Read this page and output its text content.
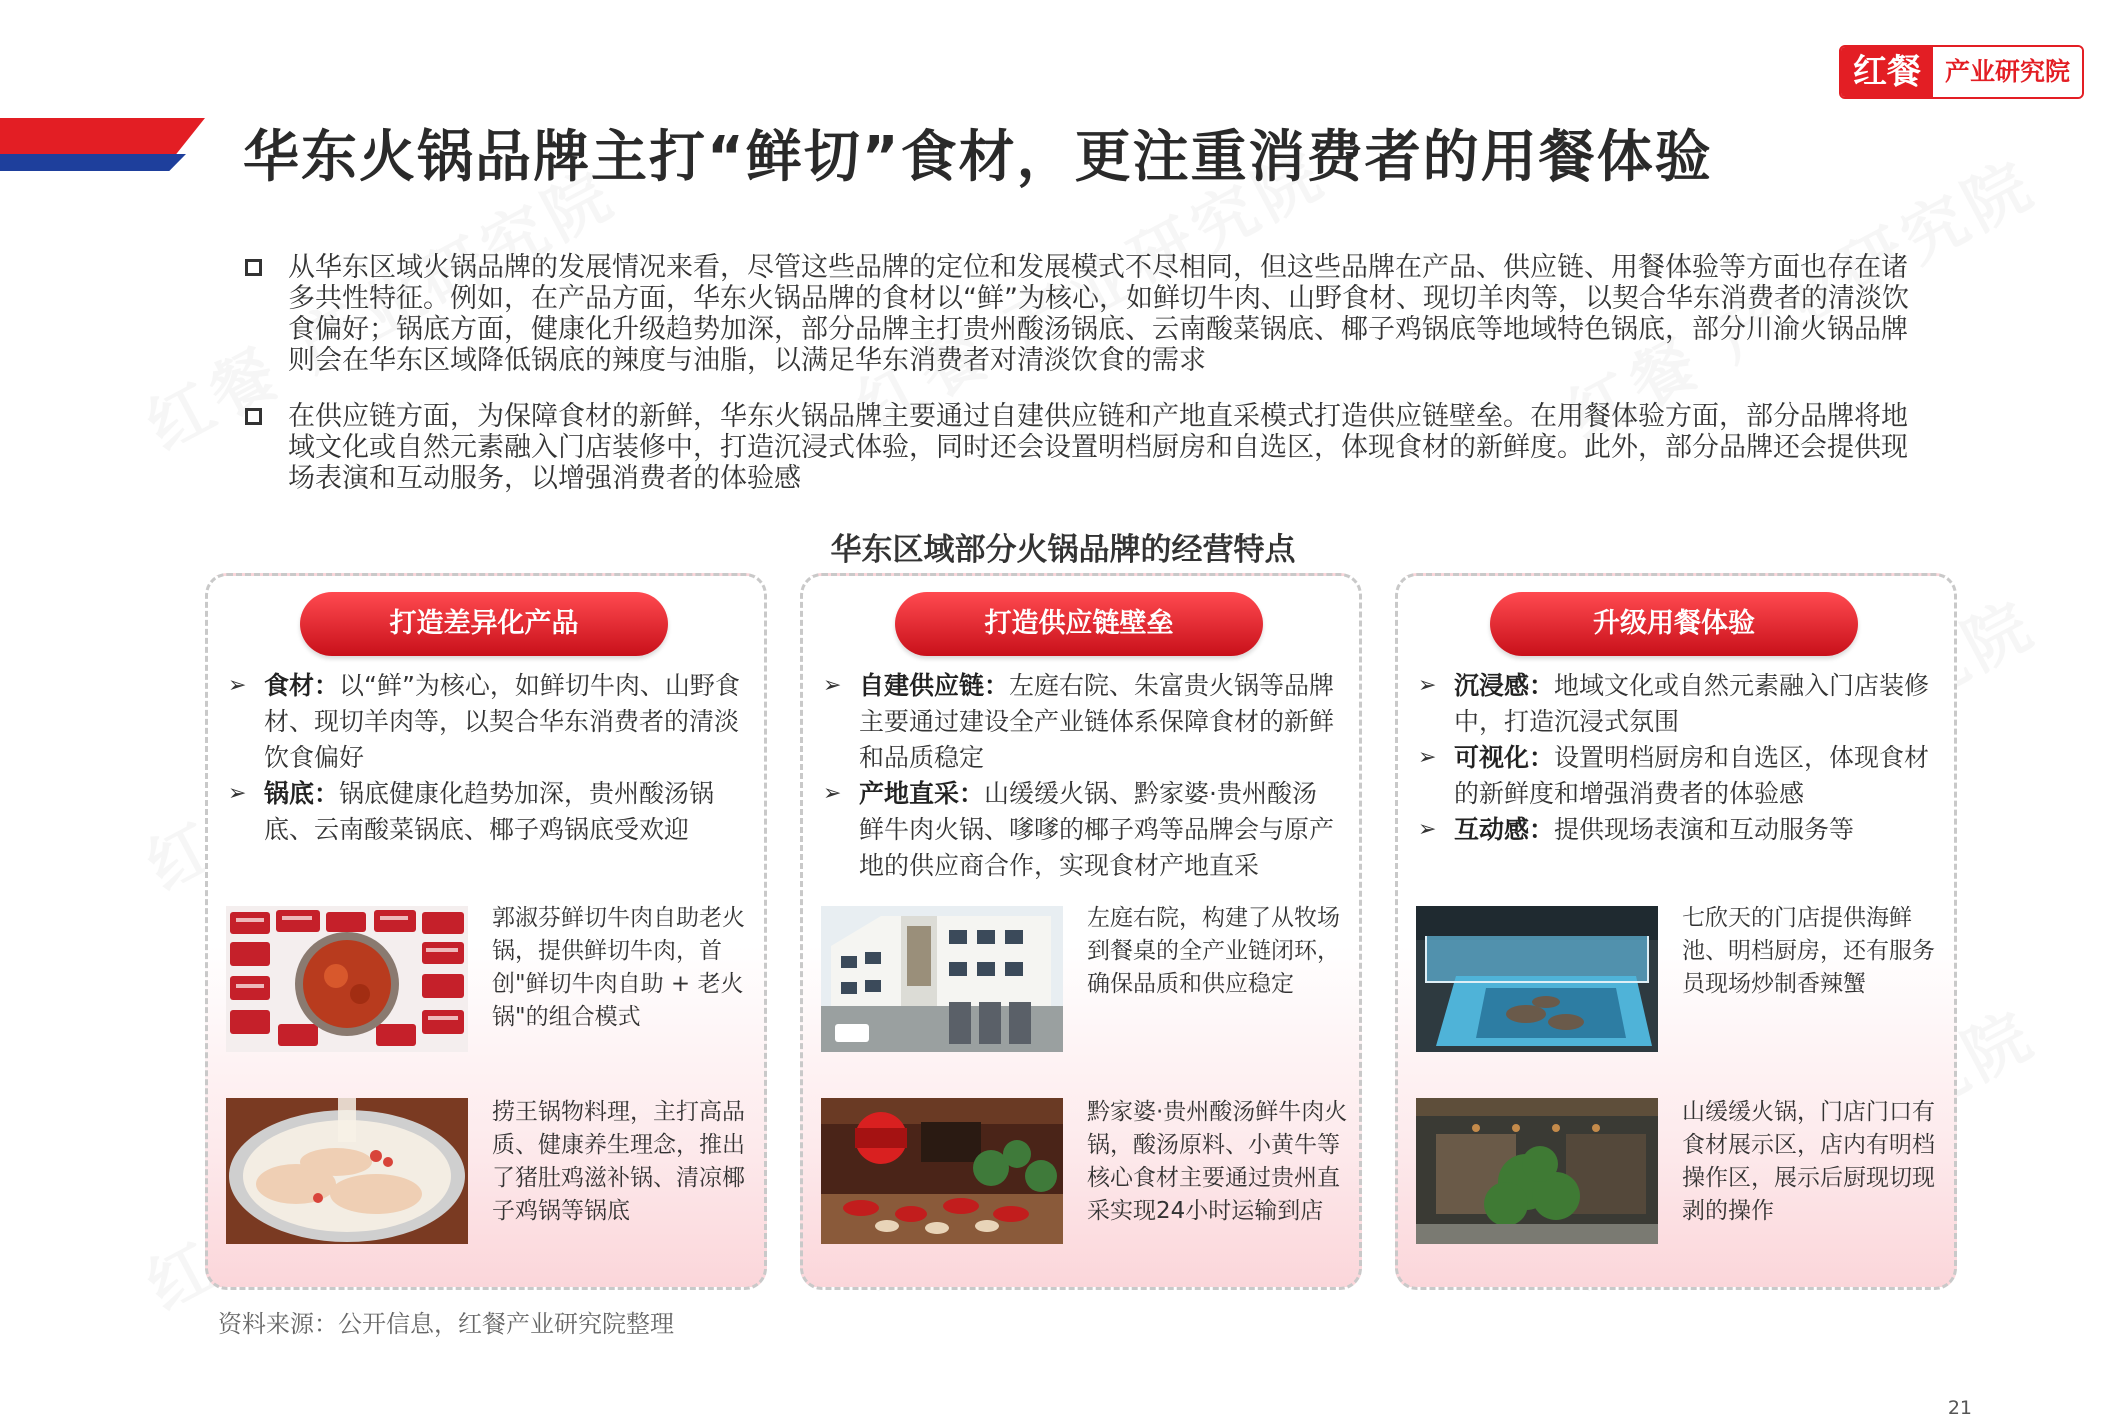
红餐 产业研究院
华东火锅品牌主打“鲜切”食材，更注重消费者的用餐体验
从华东区域火锅品牌的发展情况来看，尽管这些品牌的定位和发展模式不尽相同，但这些品牌在产品、供应链、用餐体验等方面也存在诸多共性特征。例如，在产品方面，华东火锅品牌的食材以“鲜”为核心，如鲜切牛肉、山野食材、现切羊肉等，以契合华东消费者的清淡饮食偏好；锅底方面，健康化升级趋势加深，部分品牌主打贵州酸汤锅底、云南酸菜锅底、椰子鸡锅底等地域特色锅底，部分川渝火锅品牌则会在华东区域降低锅底的辣度与油脂，以满足华东消费者对清淡饮食的需求
在供应链方面，为保障食材的新鲜，华东火锅品牌主要通过自建供应链和产地直采模式打造供应链壁垒。在用餐体验方面，部分品牌将地域文化或自然元素融入门店装修中，打造沉浸式体验，同时还会设置明档厨房和自选区，体现食材的新鲜度。此外，部分品牌还会提供现场表演和互动服务，以增强消费者的体验感
华东区域部分火锅品牌的经营特点
打造差异化产品
➢ 食材：以“鲜”为核心，如鲜切牛肉、山野食材、现切羊肉等，以契合华东消费者的清淡饮食偏好
➢ 锅底：锅底健康化趋势加深，贵州酸汤锅底、云南酸菜锅底、椰子鸡锅底受欢迎
郭淑芬鲜切牛肉自助老火锅，提供鲜切牛肉，首创"鲜切牛肉自助 + 老火锅"的组合模式
捞王锅物料理，主打高品质、健康养生理念，推出了猪肚鸡滋补锅、清凉椰子鸡锅等锅底
打造供应链壁垒
➢ 自建供应链：左庭右院、朱富贵火锅等品牌主要通过建设全产业链体系保障食材的新鲜和品质稳定
➢ 产地直采：山缓缓火锅、黔家婆·贵州酸汤鲜牛肉火锅、嗲嗲的椰子鸡等品牌会与原产地的供应商合作，实现食材产地直采
左庭右院，构建了从牧场到餐桌的全产业链闭环，确保品质和供应稳定
黔家婆·贵州酸汤鲜牛肉火锅，酸汤原料、小黄牛等核心食材主要通过贵州直采实现24小时运输到店
升级用餐体验
➢ 沉浸感：地域文化或自然元素融入门店装修中，打造沉浸式氛围
➢ 可视化：设置明档厨房和自选区，体现食材的新鲜度和增强消费者的体验感
➢ 互动感：提供现场表演和互动服务等
七欣天的门店提供海鲜池、明档厨房，还有服务员现场炒制香辣蟹
山缓缓火锅，门店门口有食材展示区，店内有明档操作区，展示后厨现切现剥的操作
资料来源：公开信息，红餐产业研究院整理
21
